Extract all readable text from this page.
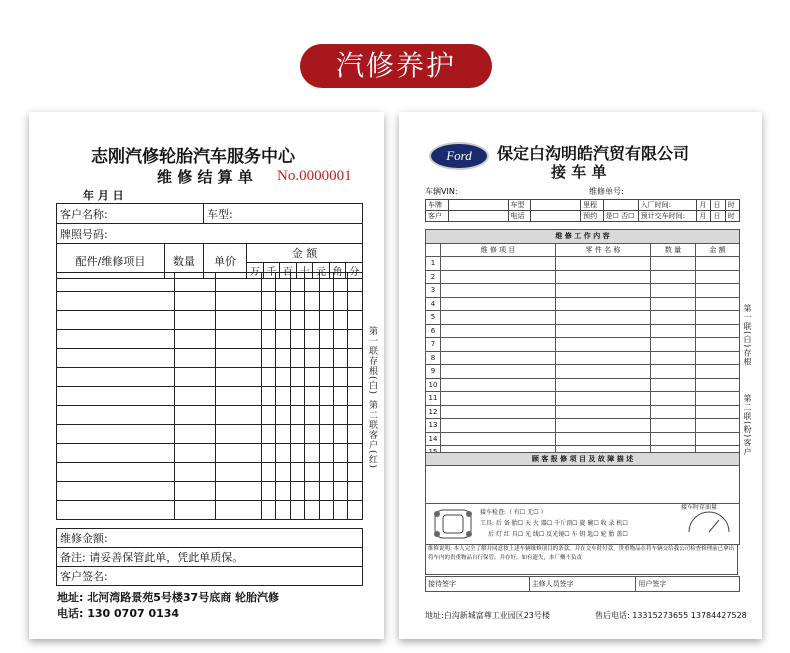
汽修养护
志刚汽修轮胎汽车服务中心
维 修 结 算 单 No.0000001
年 月 日
客户名称:	车型:
牌照号码:
配件/维修项目	数量	单价	金 额						
			万	千	百	十	元	角	分

维修金额:
备注: 请妥善保管此单，凭此单质保。
客户签名:
地址: 北河湾路景苑5号楼37号底商 轮胎汽修
电话: 130 0707 0134
第一联存根(白)
第二联客户(红)
Ford	保定白沟明皓汽贸有限公司
接 车 单
车辆VIN:	维修单号:
车牌		车型		里程		入厂时间:	月	日	时
客户		电话		预约	是☐ 否☐	预计交车时间:	月	日	时
维 修 工 作 内 容				
	维 修 项 目	零 件 名 称	数 量	金 额
1				
2				
3				
4				
5				
6				
7				
8				
9				
10				
11				
12				
13				
14				

顾 客 报 修 项 目 及 故 障 描 述
接车检查:（ 有☐ 无☐ ）
工具: 后 备 胎☐ 天 火 器☐ 千斤顶☐ 旋 碗☐ 收 录 机☐
后 灯 红 具☐ 光 线☐ 反光镜☐ 车 钥 匙☐ 轮 胎 盖☐
接车时存油量
维修说明: 本人完全了解并同意按上述车辆维修项目的条款，并在交车时付款，贵重物品在将车辆交给我公司检查修理前已拿出将车内的贵重物品自行保管，并存好，如有遗失，本厂概不负责
接待签字	主修人员签字	用户签字
地址:白沟新城富尊工业园区23号楼	售后电话: 13315273655 13784427528
第一联(白)存根
第二联(粉)客户
